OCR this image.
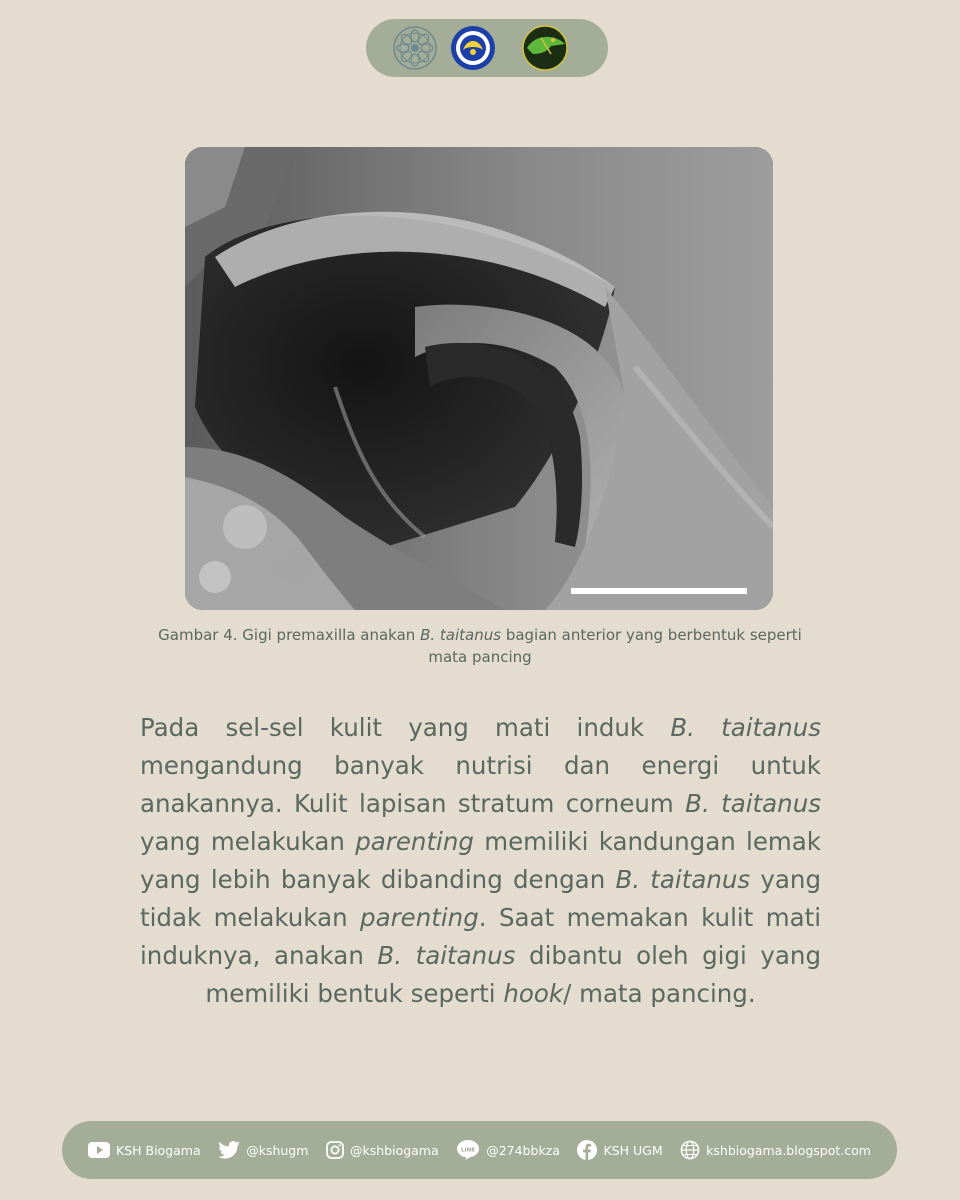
Gambar 4. Gigi premaxilla anakan B. taitanus bagian anterior yang berbentuk seperti mata pancing

Pada sel-sel kulit yang mati induk B. taitanus mengandung banyak nutrisi dan energi untuk anakannya. Kulit lapisan stratum corneum B. taitanus yang melakukan parenting memiliki kandungan lemak yang lebih banyak dibanding dengan B. taitanus yang tidak melakukan parenting. Saat memakan kulit mati induknya, anakan B. taitanus dibantu oleh gigi yang memiliki bentuk seperti hook/ mata pancing.

KSH Biogama	@kshugm	@kshbiogama	LINE @274bbkza	KSH UGM	kshbiogama.blogspot.com
